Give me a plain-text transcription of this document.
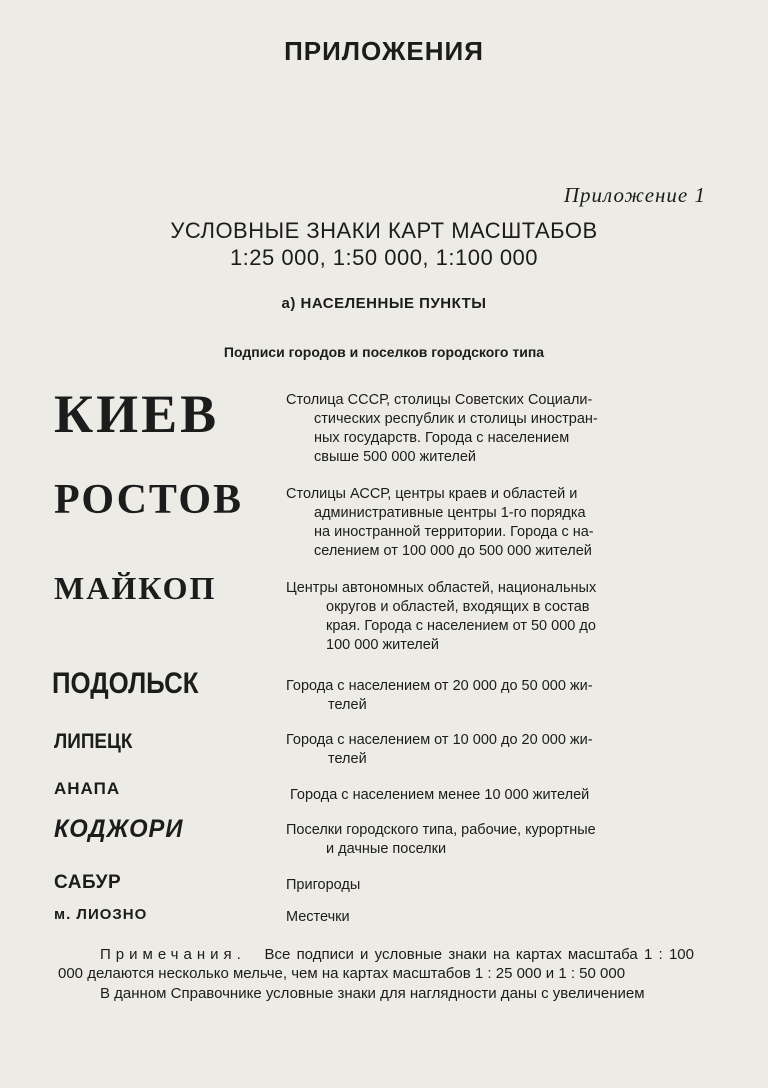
ПРИЛОЖЕНИЯ
Приложение 1
УСЛОВНЫЕ ЗНАКИ КАРТ МАСШТАБОВ
1:25 000, 1:50 000, 1:100 000
а) НАСЕЛЕННЫЕ ПУНКТЫ
Подписи городов и поселков городского типа
КИЕВ	Столица СССР, столицы Советских Социали-
стических республик и столицы иностран-
ных государств. Города с населением
свыше 500 000 жителей
РОСТОВ	Столицы АССР, центры краев и областей и
административные центры 1-го порядка
на иностранной территории. Города с на-
селением от 100 000 до 500 000 жителей
МАЙКОП	Центры автономных областей, национальных
округов и областей, входящих в состав
края. Города с населением от 50 000 до
100 000 жителей
ПОДОЛЬСК	Города с населением от 20 000 до 50 000 жи-
телей
ЛИПЕЦК	Города с населением от 10 000 до 20 000 жи-
телей
АНАПА	Города с населением менее 10 000 жителей
КОДЖОРИ	Поселки городского типа, рабочие, курортные
и дачные поселки
САБУР	Пригороды
м. ЛИОЗНО	Местечки

Примечания. Все подписи и условные знаки на картах масштаба 1 : 100 000 делаются несколько мельче, чем на картах масштабов 1 : 25 000 и 1 : 50 000

В данном Справочнике условные знаки для наглядности даны с увеличением
